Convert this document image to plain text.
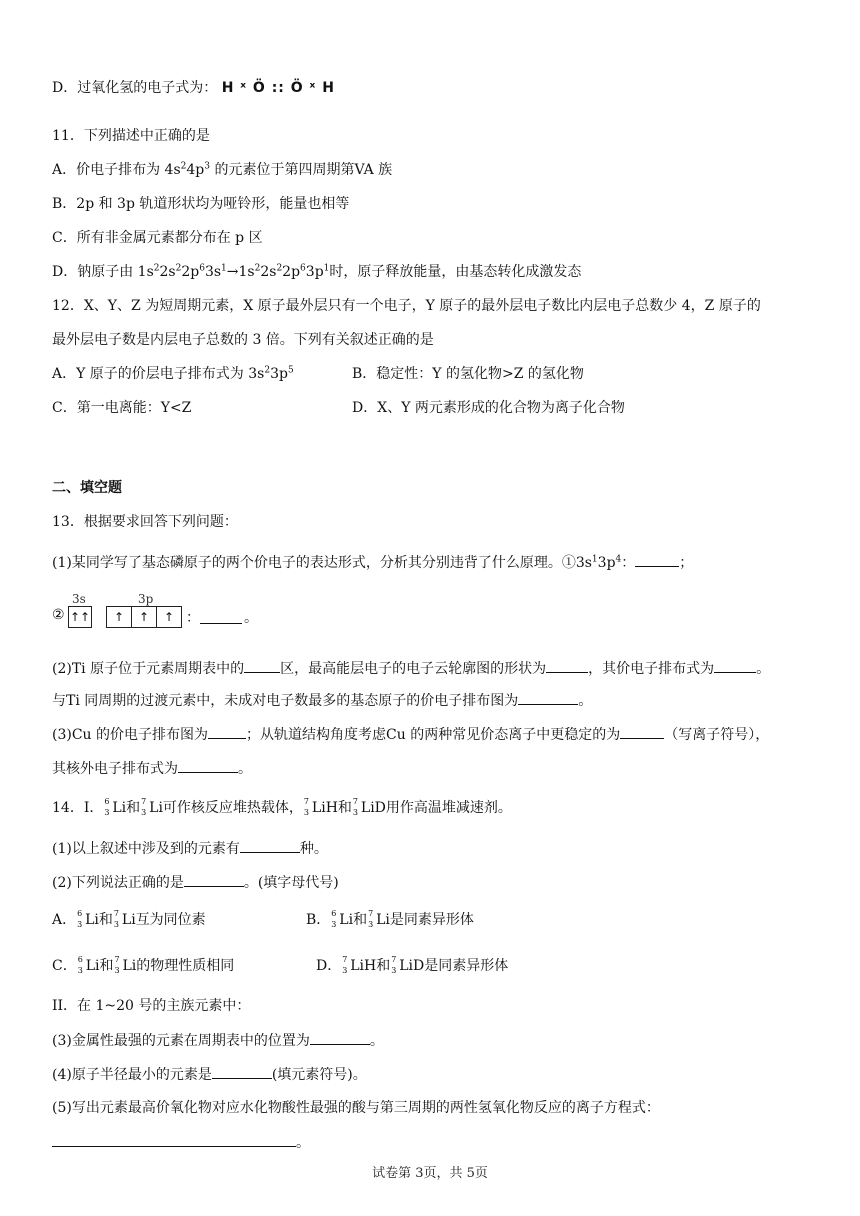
D．过氧化氢的电子式为： H ˣ Ö :: Ö ˣ H
11．下列描述中正确的是
A．价电子排布为 $4s^24p^3$ 的元素位于第四周期第VA 族
B．2p 和 3p 轨道形状均为哑铃形，能量也相等
C．所有非金属元素都分布在 p 区
D．钠原子由 $1s^22s^22p^63s^1\to 1s^22s^22p^63p^1$时，原子释放能量，由基态转化成激发态
12．X、Y、Z 为短周期元素，X 原子最外层只有一个电子，Y 原子的最外层电子数比内层电子总数少 4，Z 原子的
最外层电子数是内层电子总数的 3 倍。下列有关叙述正确的是
A．Y 原子的价层电子排布式为 $3s^23p^5$	B．稳定性：Y 的氢化物>Z 的氢化物
C．第一电离能：Y<Z	D．X、Y 两元素形成的化合物为离子化合物
二、填空题
13．根据要求回答下列问题：
(1)某同学写了基态磷原子的两个价电子的表达形式，分析其分别违背了什么原理。$①3s^13p^4$：	；
②
3s	3p
↑↑	↑	↑	↑ ：	。
(2)Ti 原子位于元素周期表中的	区，最高能层电子的电子云轮廓图的形状为	，其价电子排布式为	。
与Ti 同周期的过渡元素中，未成对电子数最多的基态原子的价电子排布图为	。
(3)Cu 的价电子排布图为	；从轨道结构角度考虑Cu 的两种常见价态离子中更稳定的为	（写离子符号），
其核外电子排布式为	。
14．I． 6
3 Li和 7
3 Li可作核反应堆热载体， 7
3 LiH和 7
3 LiD用作高温堆减速剂。
(1)以上叙述中涉及到的元素有	种。
(2)下列说法正确的是	。(填字母代号)
A． 6
3 Li和 7
3 Li互为同位素	B． 6
3 Li和 7
3 Li是同素异形体
C． 6
3 Li和 7
3 Li的物理性质相同	D． 7
3 LiH和 7
3 LiD是同素异形体
II．在 1~20 号的主族元素中：
(3)金属性最强的元素在周期表中的位置为	。
(4)原子半径最小的元素是	(填元素符号)。
(5)写出元素最高价氧化物对应水化物酸性最强的酸与第三周期的两性氢氧化物反应的离子方程式：
。
试卷第 3页，共 5页
